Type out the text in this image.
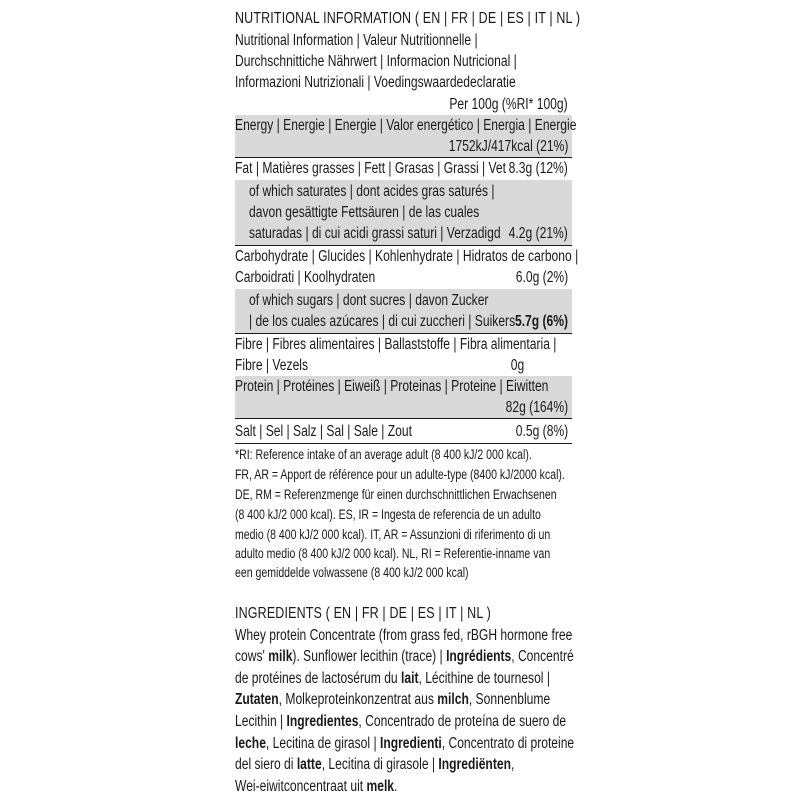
NUTRITIONAL INFORMATION ( EN | FR | DE | ES | IT | NL )
Nutritional Information | Valeur Nutritionnelle |
Durchschnittiche Nährwert | Informacion Nutricional |
Informazioni Nutrizionali | Voedingswaardedeclaratie
Per 100g (%RI* 100g)
Energy | Energie | Energie | Valor energético | Energia | Energie
1752kJ/417kcal (21%)
Fat | Matières grasses | Fett | Grasas | Grassi | Vet 8.3g (12%)
of which saturates | dont acides gras saturés |
davon gesättigte Fettsäuren | de las cuales
saturadas | di cui acidi grassi saturi | Verzadigd 4.2g (21%)
Carbohydrate | Glucides | Kohlenhydrate | Hidratos de carbono |
Carboidrati | Koolhydraten	6.0g (2%)
of which sugars | dont sucres | davon Zucker
| de los cuales azúcares | di cui zuccheri | Suikers 5.7g (6%)
Fibre | Fibres alimentaires | Ballaststoffe | Fibra alimentaria |
Fibre | Vezels	0g
Protein | Protéines | Eiweiß | Proteinas | Proteine | Eiwitten
82g (164%)
Salt | Sel | Salz | Sal | Sale | Zout	0.5g (8%)
*RI: Reference intake of an average adult (8 400 kJ/2 000 kcal).
FR, AR = Apport de référence pour un adulte-type (8400 kJ/2000 kcal).
DE, RM = Referenzmenge für einen durchschnittlichen Erwachsenen
(8 400 kJ/2 000 kcal). ES, IR = Ingesta de referencia de un adulto
medio (8 400 kJ/2 000 kcal). IT, AR = Assunzioni di riferimento di un
adulto medio (8 400 kJ/2 000 kcal). NL, RI = Referentie-inname van
een gemiddelde volwassene (8 400 kJ/2 000 kcal)
INGREDIENTS ( EN | FR | DE | ES | IT | NL )
Whey protein Concentrate (from grass fed, rBGH hormone free
cows' milk). Sunflower lecithin (trace) | Ingrédients, Concentré
de protéines de lactosérum du lait, Lécithine de tournesol |
Zutaten, Molkeproteinkonzentrat aus milch, Sonnenblume
Lecithin | Ingredientes, Concentrado de proteína de suero de
leche, Lecitina de girasol | Ingredienti, Concentrato di proteine
del siero di latte, Lecitina di girasole | Ingrediënten,
Wei-eiwitconcentraat uit melk.
